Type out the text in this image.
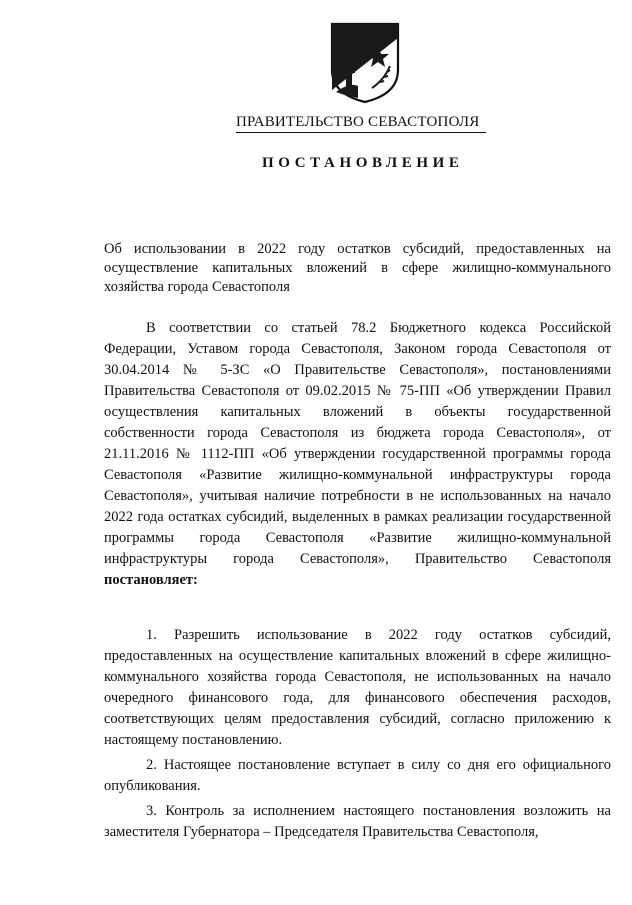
ПРАВИТЕЛЬСТВО СЕВАСТОПОЛЯ
ПОСТАНОВЛЕНИЕ
Об использовании в 2022 году остатков субсидий, предоставленных на осуществление капитальных вложений в сфере жилищно-коммунального хозяйства города Севастополя

В соответствии со статьей 78.2 Бюджетного кодекса Российской Федерации, Уставом города Севастополя, Законом города Севастополя от 30.04.2014 № 5-ЗС «О Правительстве Севастополя», постановлениями Правительства Севастополя от 09.02.2015 № 75-ПП «Об утверждении Правил осуществления капитальных вложений в объекты государственной собственности города Севастополя из бюджета города Севастополя», от 21.11.2016 № 1112-ПП «Об утверждении государственной программы города Севастополя «Развитие жилищно-коммунальной инфраструктуры города Севастополя», учитывая наличие потребности в не использованных на начало 2022 года остатках субсидий, выделенных в рамках реализации государственной программы города Севастополя «Развитие жилищно-коммунальной инфраструктуры города Севастополя», Правительство Севастополя постановляет:

1. Разрешить использование в 2022 году остатков субсидий, предоставленных на осуществление капитальных вложений в сфере жилищно-коммунального хозяйства города Севастополя, не использованных на начало очередного финансового года, для финансового обеспечения расходов, соответствующих целям предоставления субсидий, согласно приложению к настоящему постановлению.

2. Настоящее постановление вступает в силу со дня его официального опубликования.

3. Контроль за исполнением настоящего постановления возложить на заместителя Губернатора – Председателя Правительства Севастополя,
